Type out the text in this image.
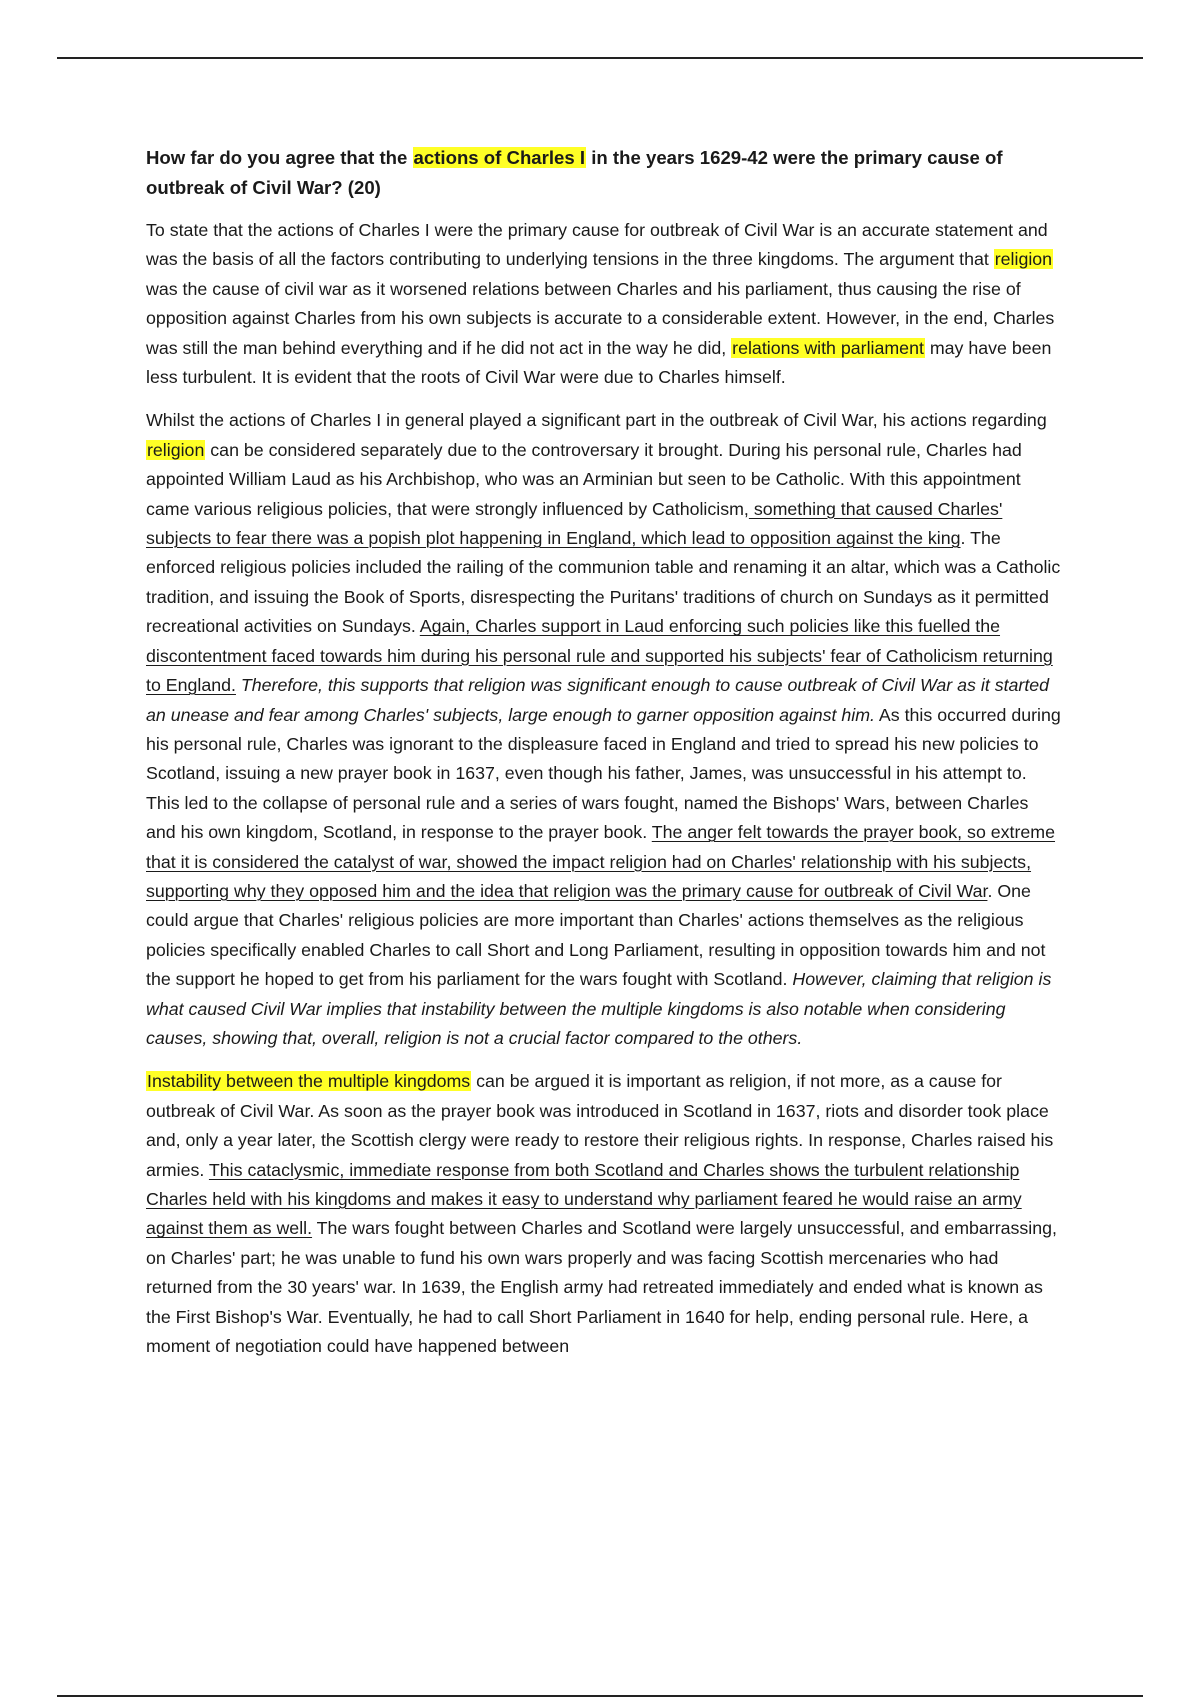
How far do you agree that the actions of Charles I in the years 1629-42 were the primary cause of outbreak of Civil War? (20)

To state that the actions of Charles I were the primary cause for outbreak of Civil War is an accurate statement and was the basis of all the factors contributing to underlying tensions in the three kingdoms. The argument that religion was the cause of civil war as it worsened relations between Charles and his parliament, thus causing the rise of opposition against Charles from his own subjects is accurate to a considerable extent. However, in the end, Charles was still the man behind everything and if he did not act in the way he did, relations with parliament may have been less turbulent. It is evident that the roots of Civil War were due to Charles himself.

Whilst the actions of Charles I in general played a significant part in the outbreak of Civil War, his actions regarding religion can be considered separately due to the controversary it brought. During his personal rule, Charles had appointed William Laud as his Archbishop, who was an Arminian but seen to be Catholic. With this appointment came various religious policies, that were strongly influenced by Catholicism, something that caused Charles' subjects to fear there was a popish plot happening in England, which lead to opposition against the king. The enforced religious policies included the railing of the communion table and renaming it an altar, which was a Catholic tradition, and issuing the Book of Sports, disrespecting the Puritans' traditions of church on Sundays as it permitted recreational activities on Sundays. Again, Charles support in Laud enforcing such policies like this fuelled the discontentment faced towards him during his personal rule and supported his subjects' fear of Catholicism returning to England. Therefore, this supports that religion was significant enough to cause outbreak of Civil War as it started an unease and fear among Charles' subjects, large enough to garner opposition against him. As this occurred during his personal rule, Charles was ignorant to the displeasure faced in England and tried to spread his new policies to Scotland, issuing a new prayer book in 1637, even though his father, James, was unsuccessful in his attempt to. This led to the collapse of personal rule and a series of wars fought, named the Bishops' Wars, between Charles and his own kingdom, Scotland, in response to the prayer book. The anger felt towards the prayer book, so extreme that it is considered the catalyst of war, showed the impact religion had on Charles' relationship with his subjects, supporting why they opposed him and the idea that religion was the primary cause for outbreak of Civil War. One could argue that Charles' religious policies are more important than Charles' actions themselves as the religious policies specifically enabled Charles to call Short and Long Parliament, resulting in opposition towards him and not the support he hoped to get from his parliament for the wars fought with Scotland. However, claiming that religion is what caused Civil War implies that instability between the multiple kingdoms is also notable when considering causes, showing that, overall, religion is not a crucial factor compared to the others.

Instability between the multiple kingdoms can be argued it is important as religion, if not more, as a cause for outbreak of Civil War. As soon as the prayer book was introduced in Scotland in 1637, riots and disorder took place and, only a year later, the Scottish clergy were ready to restore their religious rights. In response, Charles raised his armies. This cataclysmic, immediate response from both Scotland and Charles shows the turbulent relationship Charles held with his kingdoms and makes it easy to understand why parliament feared he would raise an army against them as well. The wars fought between Charles and Scotland were largely unsuccessful, and embarrassing, on Charles' part; he was unable to fund his own wars properly and was facing Scottish mercenaries who had returned from the 30 years' war. In 1639, the English army had retreated immediately and ended what is known as the First Bishop's War. Eventually, he had to call Short Parliament in 1640 for help, ending personal rule. Here, a moment of negotiation could have happened between
